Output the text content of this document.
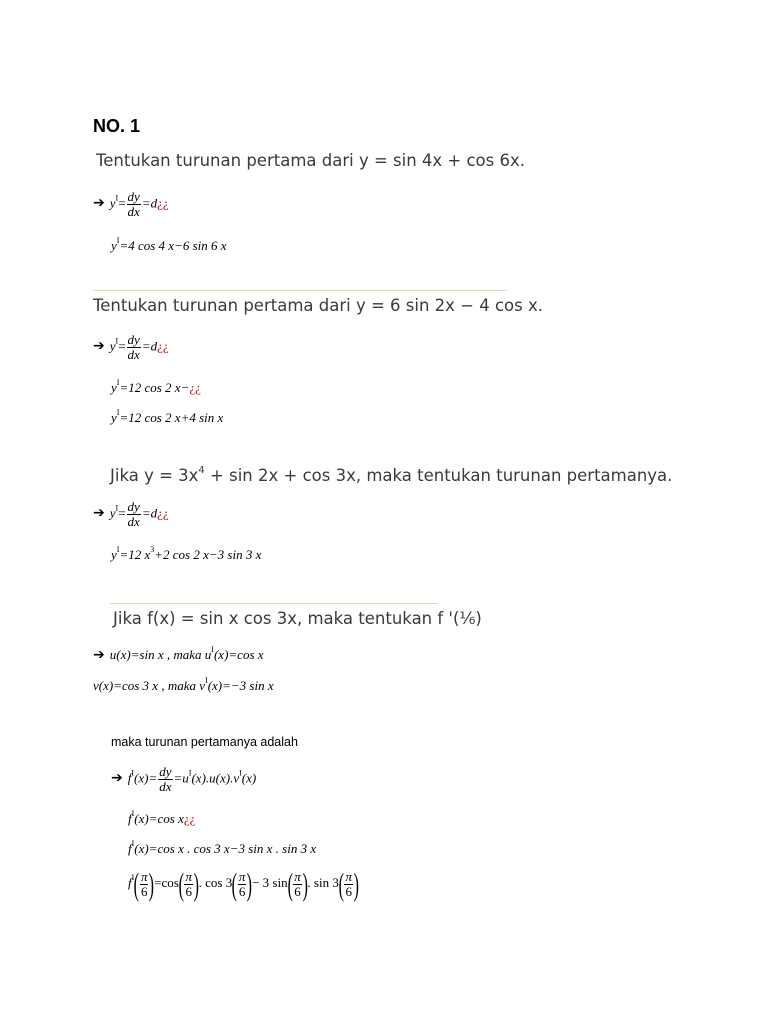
NO. 1
Tentukan turunan pertama dari y = sin 4x + cos 6x.
➔ $y^I= \frac{dy}{dx}$ =d¿¿
$y^I=4$ cos 4 x−6 sin 6 x
Tentukan turunan pertama dari y = 6 sin 2x − 4 cos x.
➔ $y^I= \frac{dy}{dx}$ =d¿¿
$y^I=12$ cos 2 x−¿¿
$y^I=12$ cos 2 x+4 sin x
Jika $y = 3x^4 + \sin 2x + \cos 3x$, maka tentukan turunan pertamanya.
➔ $y^I= \frac{dy}{dx}$ =d¿¿
$y^I=12$ $x^3+2$ cos 2 x−3 sin 3 x
Jika f(x) = sin x cos 3x, maka tentukan f '(⅙)
➔ u(x)=sin x , maka $u^I(x)=\cos$ x
v(x)=cos 3 x , maka $v^I(x)=-3$ sin x
maka turunan pertamanya adalah
➔ $f^I(x)= \frac{dy}{dx} =u^I(x).u(x).v^I(x)$
$f^I(x)=\cos$ x¿¿
$f^I(x)=\cos$ x . cos 3 x−3 sin x . sin 3 x
$f^I( \frac{\pi}{6} )=\cos( \frac{\pi}{6}$ ). $\cos 3( \frac{\pi}{6}$ )− 3 $\sin( \frac{\pi}{6}$ ). $\sin 3( \frac{\pi}{6}$ )
